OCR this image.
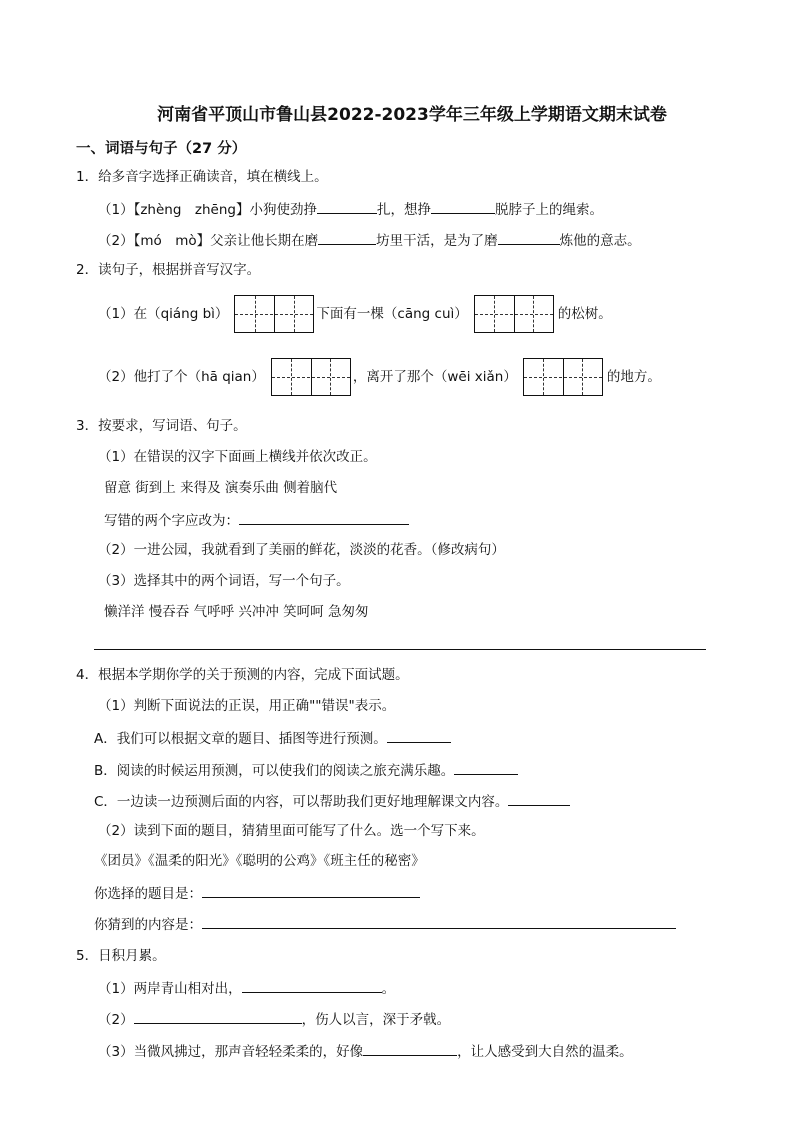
河南省平顶山市鲁山县2022-2023学年三年级上学期语文期末试卷
一、词语与句子（27 分）
1．给多音字选择正确读音，填在横线上。
（1）【zhèng　zhēng】小狗使劲挣	扎，想挣	脱脖子上的绳索。
（2）【mó　mò】父亲让他长期在磨	坊里干活，是为了磨	炼他的意志。
2．读句子，根据拼音写汉字。
（1）在（qiáng bì）	下面有一棵（cāng cuì）	的松树。
（2）他打了个（hā qian）	，离开了那个（wēi xiǎn）	的地方。
3．按要求，写词语、句子。
（1）在错误的汉字下面画上横线并依次改正。
留意 街到上 来得及 演奏乐曲 侧着脑代
写错的两个字应改为：
（2）一进公园，我就看到了美丽的鲜花，淡淡的花香。（修改病句）
（3）选择其中的两个词语，写一个句子。
懒洋洋 慢吞吞 气呼呼 兴冲冲 笑呵呵 急匆匆
4．根据本学期你学的关于预测的内容，完成下面试题。
（1）判断下面说法的正误，用正确""错误"表示。
A．我们可以根据文章的题目、插图等进行预测。
B．阅读的时候运用预测，可以使我们的阅读之旅充满乐趣。
C．一边读一边预测后面的内容，可以帮助我们更好地理解课文内容。
（2）读到下面的题目，猜猜里面可能写了什么。选一个写下来。
《团员》《温柔的阳光》《聪明的公鸡》《班主任的秘密》
你选择的题目是：
你猜到的内容是：
5．日积月累。
（1）两岸青山相对出，	。
（2）	，伤人以言，深于矛戟。
（3）当微风拂过，那声音轻轻柔柔的，好像	，让人感受到大自然的温柔。
